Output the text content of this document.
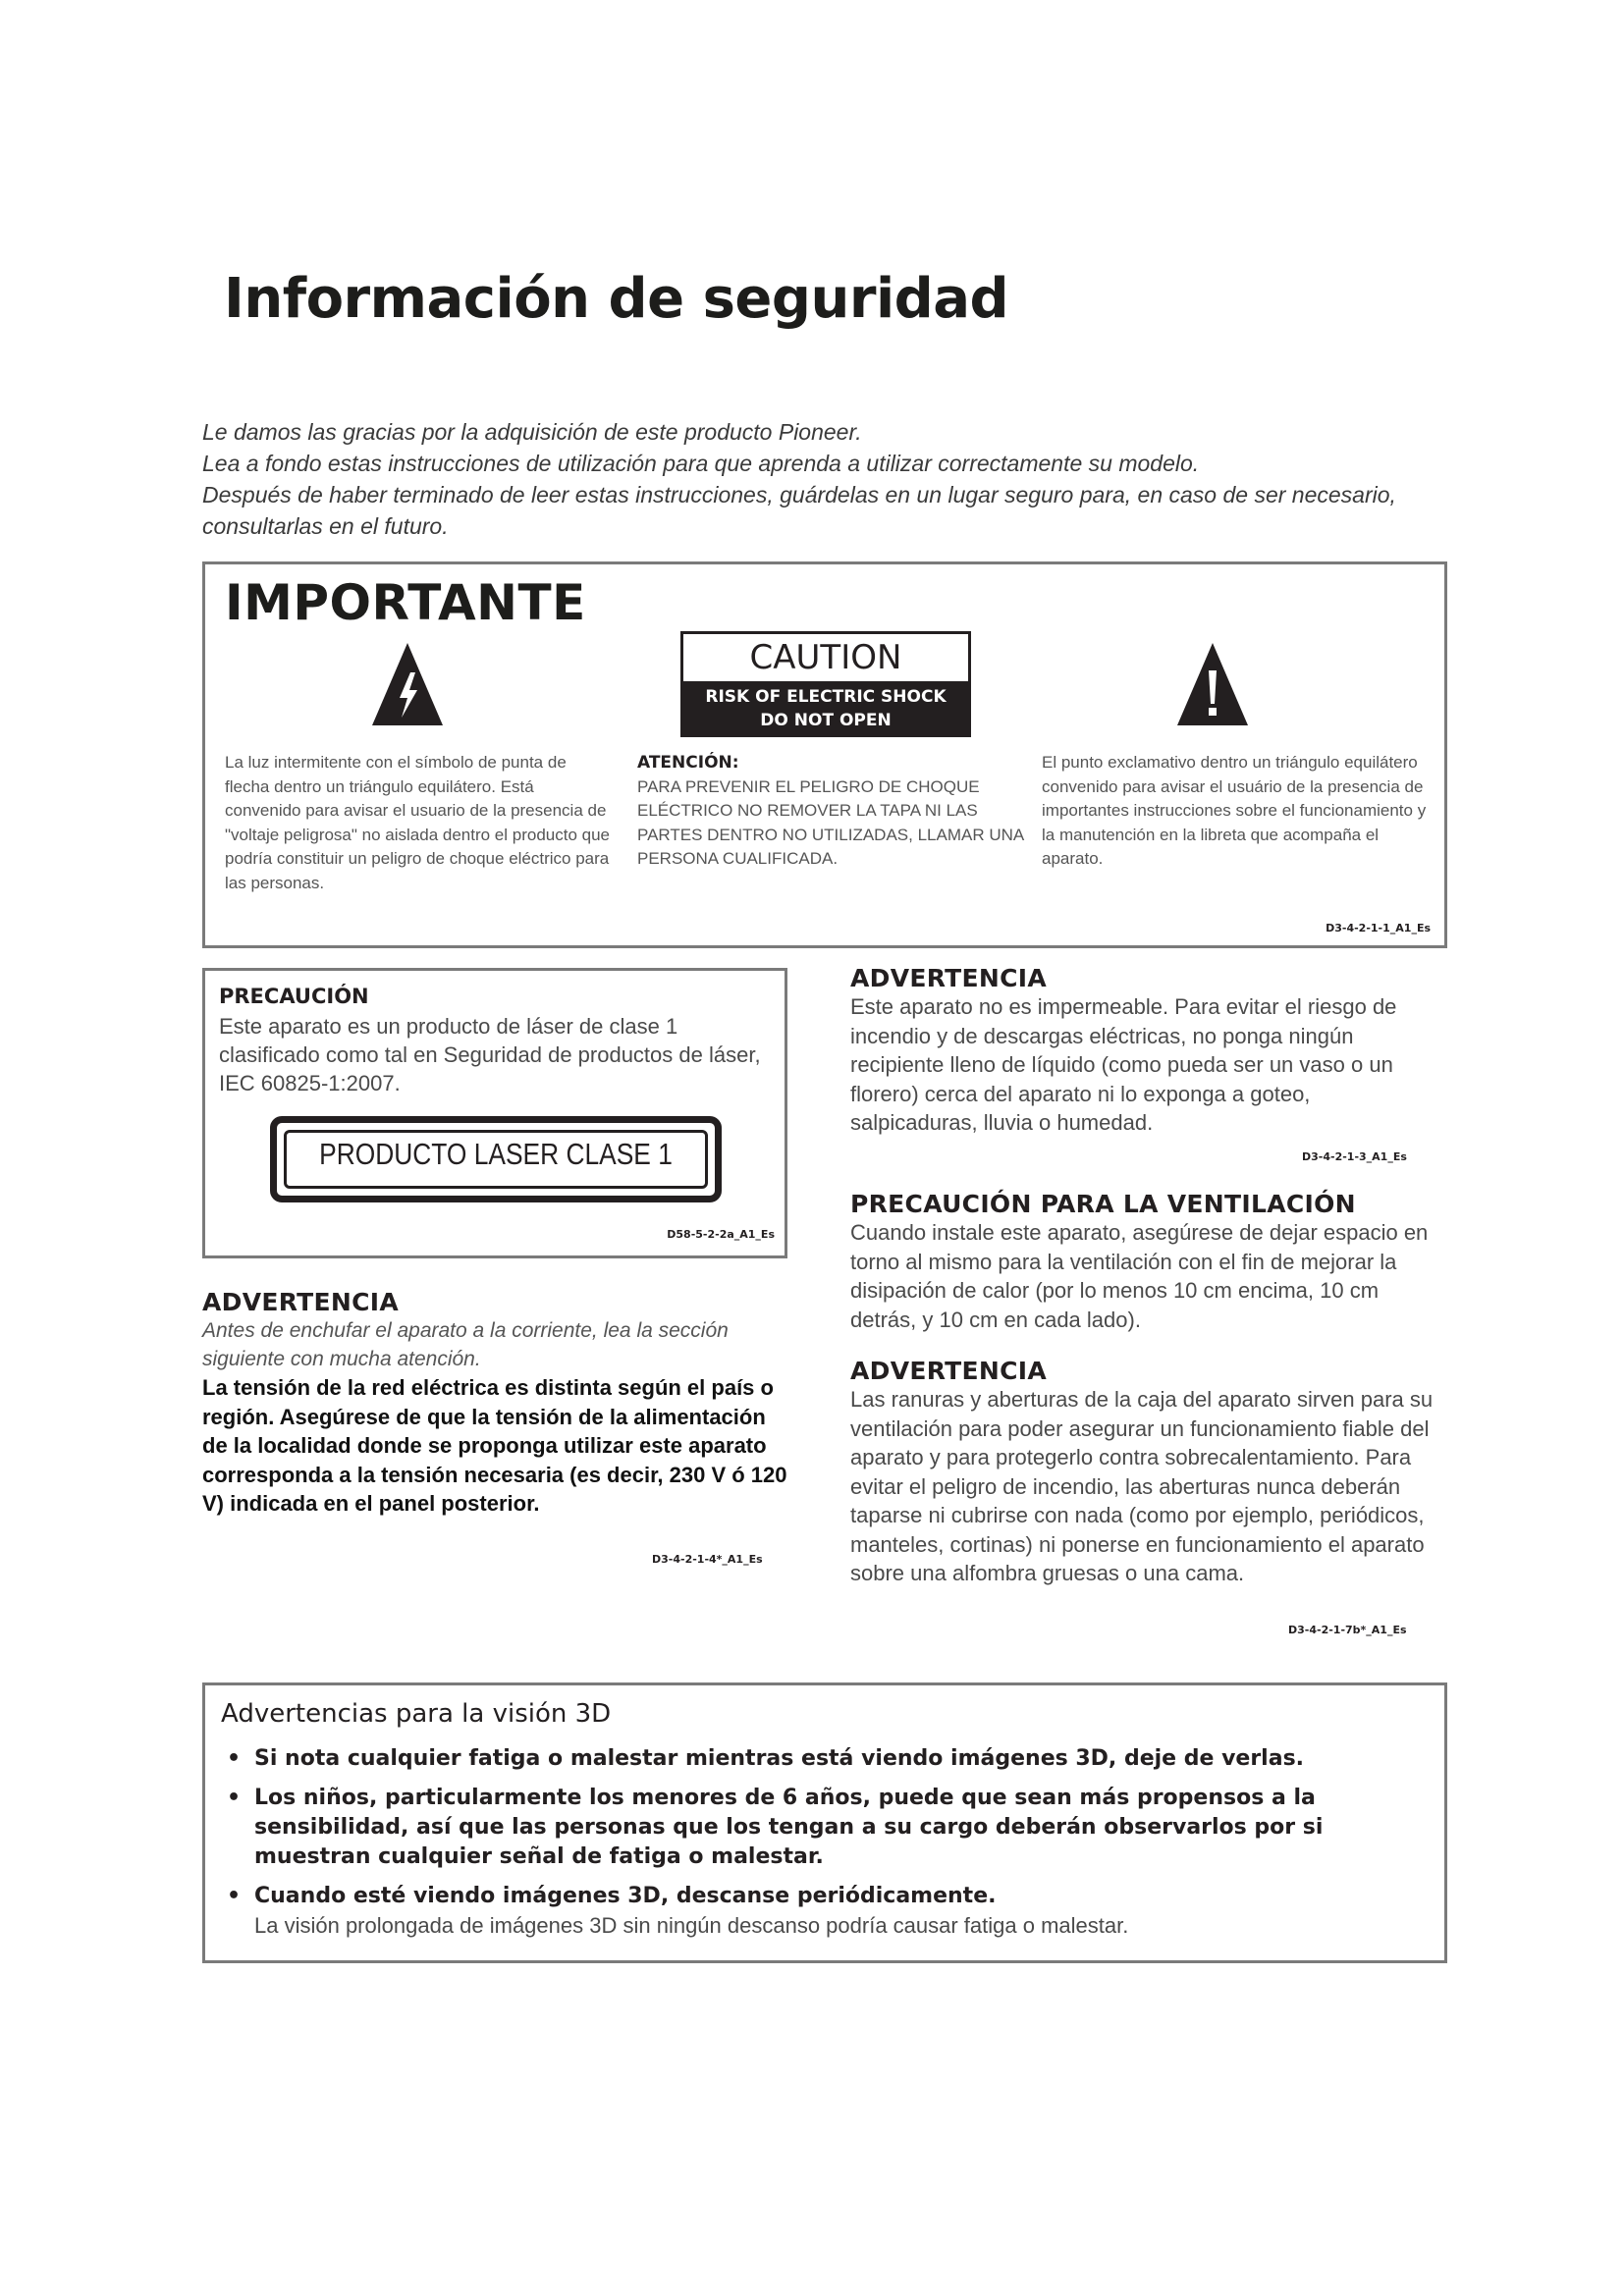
Información de seguridad
Le damos las gracias por la adquisición de este producto Pioneer.
Lea a fondo estas instrucciones de utilización para que aprenda a utilizar correctamente su modelo.
Después de haber terminado de leer estas instrucciones, guárdelas en un lugar seguro para, en caso de ser necesario,
consultarlas en el futuro.
IMPORTANTE
CAUTION
RISK OF ELECTRIC SHOCK
DO NOT OPEN
La luz intermitente con el símbolo de punta de flecha dentro un triángulo equilátero. Está convenido para avisar el usuario de la presencia de "voltaje peligrosa" no aislada dentro el producto que podría constituir un peligro de choque eléctrico para las personas.
ATENCIÓN:
PARA PREVENIR EL PELIGRO DE CHOQUE ELÉCTRICO NO REMOVER LA TAPA NI LAS PARTES DENTRO NO UTILIZADAS, LLAMAR UNA PERSONA CUALIFICADA.
El punto exclamativo dentro un triángulo equilátero convenido para avisar el usuário de la presencia de importantes instrucciones sobre el funcionamiento y la manutención en la libreta que acompaña el aparato.
D3-4-2-1-1_A1_Es
PRECAUCIÓN
Este aparato es un producto de láser de clase 1 clasificado como tal en Seguridad de productos de láser, IEC 60825-1:2007.
PRODUCTO LASER CLASE 1
D58-5-2-2a_A1_Es
ADVERTENCIA
Antes de enchufar el aparato a la corriente, lea la sección siguiente con mucha atención.
La tensión de la red eléctrica es distinta según el país o región. Asegúrese de que la tensión de la alimentación de la localidad donde se proponga utilizar este aparato corresponda a la tensión necesaria (es decir, 230 V ó 120 V) indicada en el panel posterior.
D3-4-2-1-4*_A1_Es
ADVERTENCIA
Este aparato no es impermeable. Para evitar el riesgo de incendio y de descargas eléctricas, no ponga ningún recipiente lleno de líquido (como pueda ser un vaso o un florero) cerca del aparato ni lo exponga a goteo, salpicaduras, lluvia o humedad.
D3-4-2-1-3_A1_Es
PRECAUCIÓN PARA LA VENTILACIÓN
Cuando instale este aparato, asegúrese de dejar espacio en torno al mismo para la ventilación con el fin de mejorar la disipación de calor (por lo menos 10 cm encima, 10 cm detrás, y 10 cm en cada lado).
ADVERTENCIA
Las ranuras y aberturas de la caja del aparato sirven para su ventilación para poder asegurar un funcionamiento fiable del aparato y para protegerlo contra sobrecalentamiento. Para evitar el peligro de incendio, las aberturas nunca deberán taparse ni cubrirse con nada (como por ejemplo, periódicos, manteles, cortinas) ni ponerse en funcionamiento el aparato sobre una alfombra gruesas o una cama.
D3-4-2-1-7b*_A1_Es
Advertencias para la visión 3D
• Si nota cualquier fatiga o malestar mientras está viendo imágenes 3D, deje de verlas.
• Los niños, particularmente los menores de 6 años, puede que sean más propensos a la sensibilidad, así que las personas que los tengan a su cargo deberán observarlos por si muestran cualquier señal de fatiga o malestar.
• Cuando esté viendo imágenes 3D, descanse periódicamente.
La visión prolongada de imágenes 3D sin ningún descanso podría causar fatiga o malestar.
